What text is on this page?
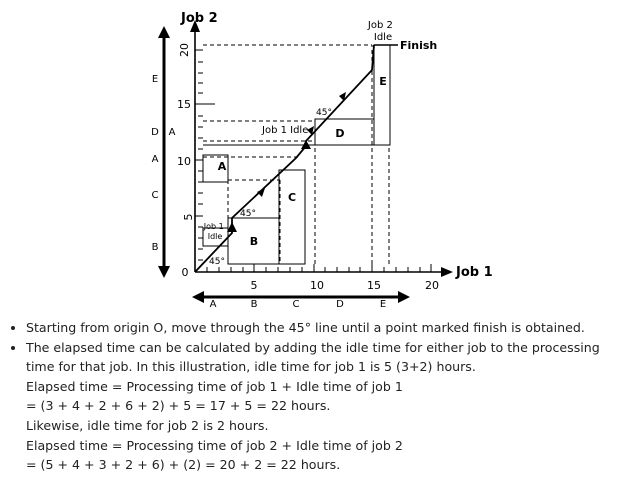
Job 2
Job 1
Job 2 Idle
Finish
Job 1 Idle
Job 1 Idle
45°
45°
45°
20
15
10
5
0
5	10	15	20
E
D A
A
C
B
A	B	C	D	E
A
B
C
D
E
• Starting from origin O, move through the 45° line until a point marked finish is obtained.
• The elapsed time can be calculated by adding the idle time for either job to the processing time for that job. In this illustration, idle time for job 1 is 5 (3+2) hours.

Elapsed time = Processing time of job 1 + Idle time of job 1

= (3 + 4 + 2 + 6 + 2) + 5 = 17 + 5 = 22 hours.

Likewise, idle time for job 2 is 2 hours.

Elapsed time = Processing time of job 2 + Idle time of job 2

= (5 + 4 + 3 + 2 + 6) + (2) = 20 + 2 = 22 hours.
